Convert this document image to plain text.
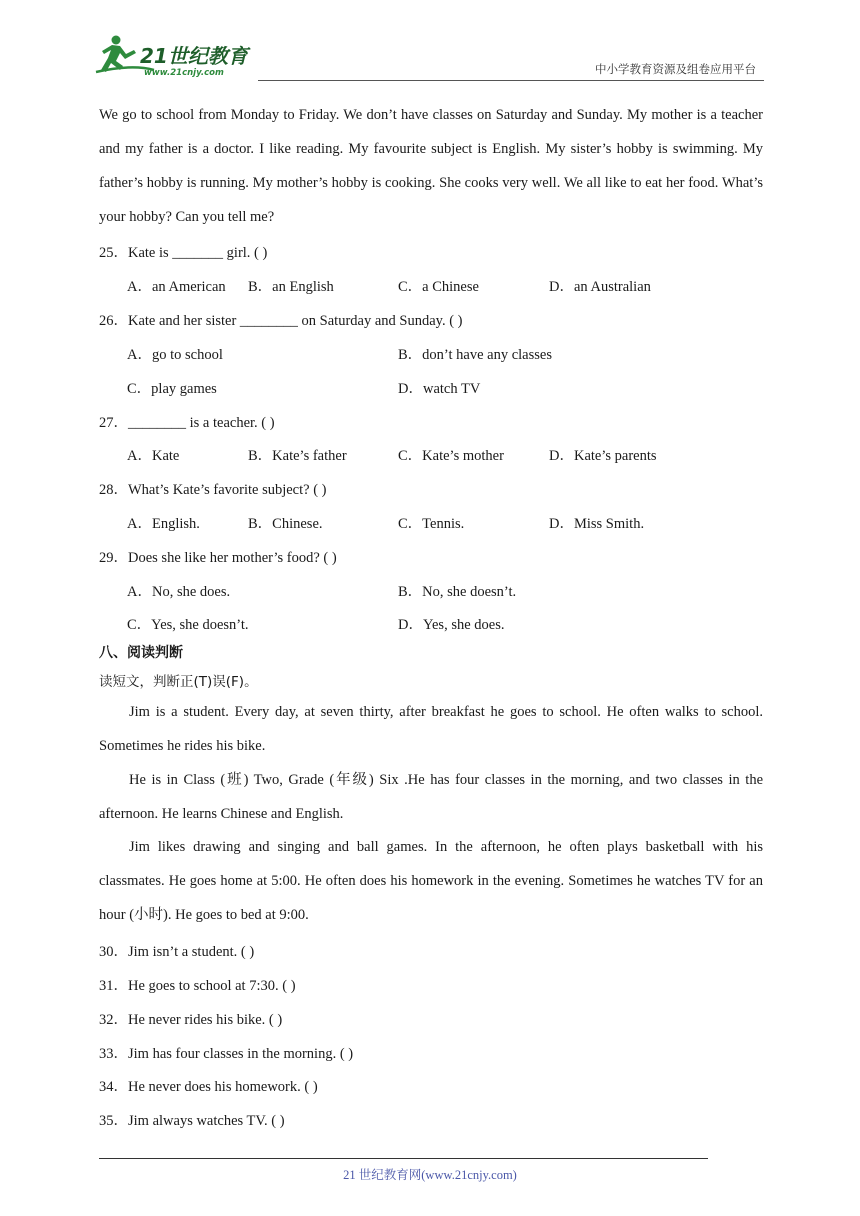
21世纪教育
www.21cnjy.com	中小学教育资源及组卷应用平台
We go to school from Monday to Friday. We don’t have classes on Saturday and Sunday. My mother is a teacher and my father is a doctor. I like reading. My favourite subject is English. My sister’s hobby is swimming. My father’s hobby is running. My mother’s hobby is cooking. She cooks very well. We all like to eat her food. What’s your hobby? Can you tell me?
25．Kate is _______ girl. ( )
A．an American B．an English	C．a Chinese	D．an Australian
26．Kate and her sister ________ on Saturday and Sunday. ( )
A．go to school	B．don’t have any classes
C．play games	D．watch TV
27．________ is a teacher. ( )
A．Kate	B．Kate’s father	C．Kate’s mother	D．Kate’s parents
28．What’s Kate’s favorite subject? ( )
A．English.	B．Chinese.	C．Tennis.	D．Miss Smith.
29．Does she like her mother’s food? ( )
A．No, she does.	B．No, she doesn’t.
C．Yes, she doesn’t.	D．Yes, she does.
八、阅读判断
读短文，判断正(T)误(F)。
Jim is a student. Every day, at seven thirty, after breakfast he goes to school. He often walks to school. Sometimes he rides his bike.
He is in Class (班) Two, Grade (年级) Six .He has four classes in the morning, and two classes in the afternoon. He learns Chinese and English.
Jim likes drawing and singing and ball games. In the afternoon, he often plays basketball with his classmates. He goes home at 5:00. He often does his homework in the evening. Sometimes he watches TV for an hour (小时). He goes to bed at 9:00.
30．Jim isn’t a student. ( )
31．He goes to school at 7:30. ( )
32．He never rides his bike. ( )
33．Jim has four classes in the morning. ( )
34．He never does his homework. ( )
35．Jim always watches TV. ( )
21 世纪教育网(www.21cnjy.com)
